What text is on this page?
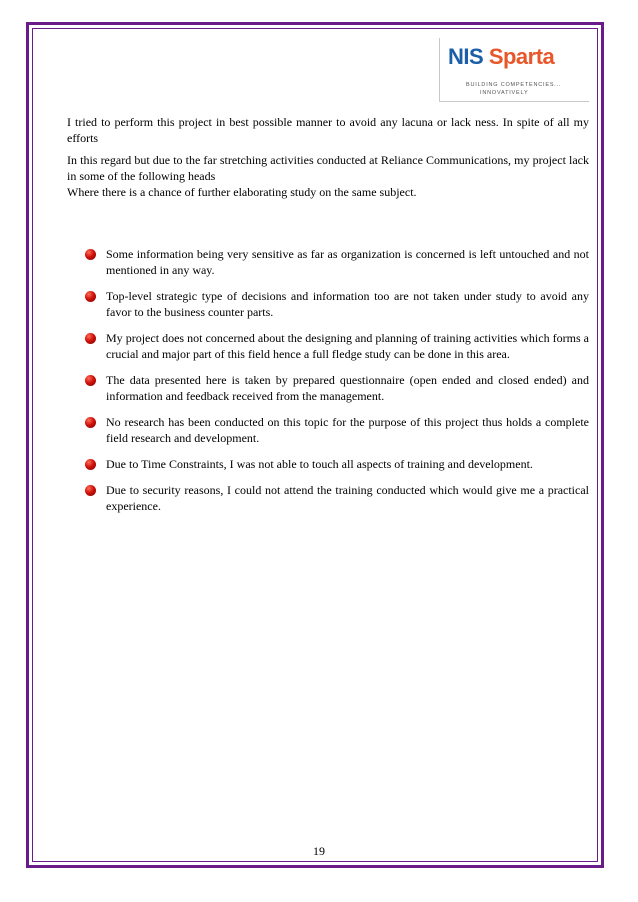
NIS Sparta
BUILDING COMPETENCIES...
INNOVATIVELY

I tried to perform this project in best possible manner to avoid any lacuna or lack ness. In spite of all my efforts

In this regard but due to the far stretching activities conducted at Reliance Communications, my project lack in some of the following heads

Where there is a chance of further elaborating study on the same subject.

Some information being very sensitive as far as organization is concerned is left untouched and not mentioned in any way.
Top-level strategic type of decisions and information too are not taken under study to avoid any favor to the business counter parts.
My project does not concerned about the designing and planning of training activities which forms a crucial and major part of this field hence a full fledge study can be done in this area.
The data presented here is taken by prepared questionnaire (open ended and closed ended) and information and feedback received from the management.
No research has been conducted on this topic for the purpose of this project thus holds a complete field research and development.
Due to Time Constraints, I was not able to touch all aspects of training and development.
Due to security reasons, I could not attend the training conducted which would give me a practical experience.
19
